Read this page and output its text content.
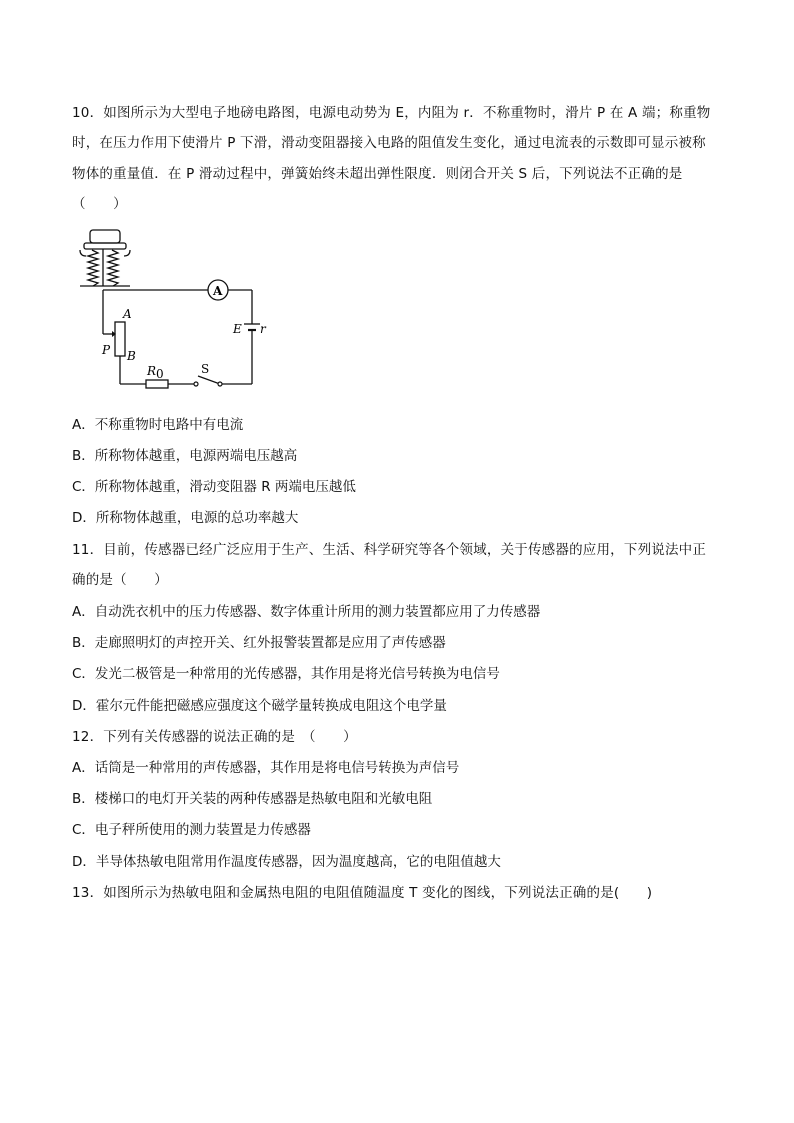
10．如图所示为大型电子地磅电路图，电源电动势为 E，内阻为 r．不称重物时，滑片 P 在 A 端；称重物
时，在压力作用下使滑片 P 下滑，滑动变阻器接入电路的阻值发生变化，通过电流表的示数即可显示被称
物体的重量值．在 P 滑动过程中，弹簧始终未超出弹性限度．则闭合开关 S 后，下列说法不正确的是
（　　）
A
E r
A
B
P
R 0	S
A．不称重物时电路中有电流
B．所称物体越重，电源两端电压越高
C．所称物体越重，滑动变阻器 R 两端电压越低
D．所称物体越重，电源的总功率越大
11．目前，传感器已经广泛应用于生产、生活、科学研究等各个领域，关于传感器的应用，下列说法中正
确的是（　　）
A．自动洗衣机中的压力传感器、数字体重计所用的测力装置都应用了力传感器
B．走廊照明灯的声控开关、红外报警装置都是应用了声传感器
C．发光二极管是一种常用的光传感器，其作用是将光信号转换为电信号
D．霍尔元件能把磁感应强度这个磁学量转换成电阻这个电学量
12．下列有关传感器的说法正确的是　（　　）
A．话筒是一种常用的声传感器，其作用是将电信号转换为声信号
B．楼梯口的电灯开关装的两种传感器是热敏电阻和光敏电阻
C．电子秤所使用的测力装置是力传感器
D．半导体热敏电阻常用作温度传感器，因为温度越高，它的电阻值越大
13．如图所示为热敏电阻和金属热电阻的电阻值随温度 T 变化的图线，下列说法正确的是(　　)
